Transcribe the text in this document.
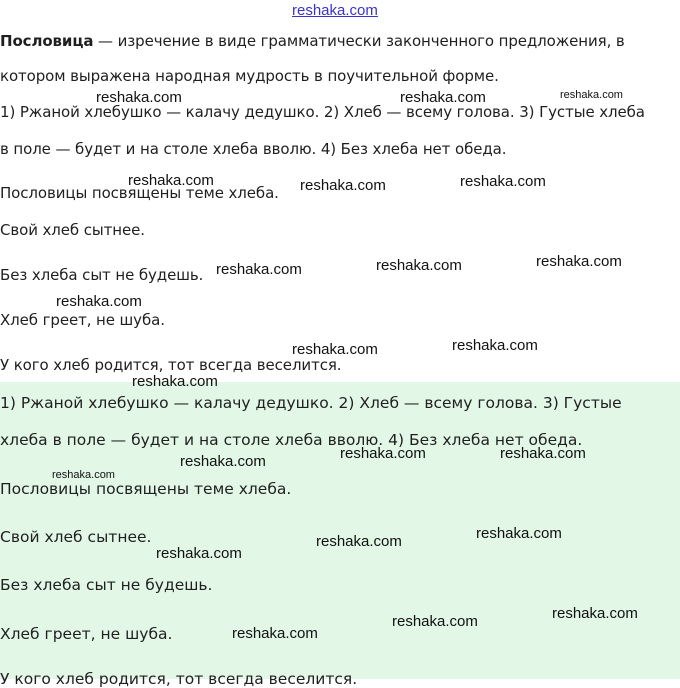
reshaka.com
Пословица — изречение в виде грамматически законченного предложения, в
котором выражена народная мудрость в поучительной форме.
1) Ржаной хлебушко — калачу дедушко. 2) Хлеб — всему голова. 3) Густые хлеба
в поле — будет и на столе хлеба вволю. 4) Без хлеба нет обеда.
Пословицы посвящены теме хлеба.
Свой хлеб сытнее.
Без хлеба сыт не будешь.
Хлеб греет, не шуба.
У кого хлеб родится, тот всегда веселится.
1) Ржаной хлебушко — калачу дедушко. 2) Хлеб — всему голова. 3) Густые
хлеба в поле — будет и на столе хлеба вволю. 4) Без хлеба нет обеда.
Пословицы посвящены теме хлеба.
Свой хлеб сытнее.
Без хлеба сыт не будешь.
Хлеб греет, не шуба.
У кого хлеб родится, тот всегда веселится.
reshaka.com	reshaka.com	reshaka.com
reshaka.com	reshaka.com	reshaka.com
reshaka.com	reshaka.com	reshaka.com
reshaka.com
reshaka.com	reshaka.com
reshaka.com
reshaka.com	reshaka.com
reshaka.com
reshaka.com
reshaka.com
reshaka.com
reshaka.com
reshaka.com
reshaka.com
reshaka.com
